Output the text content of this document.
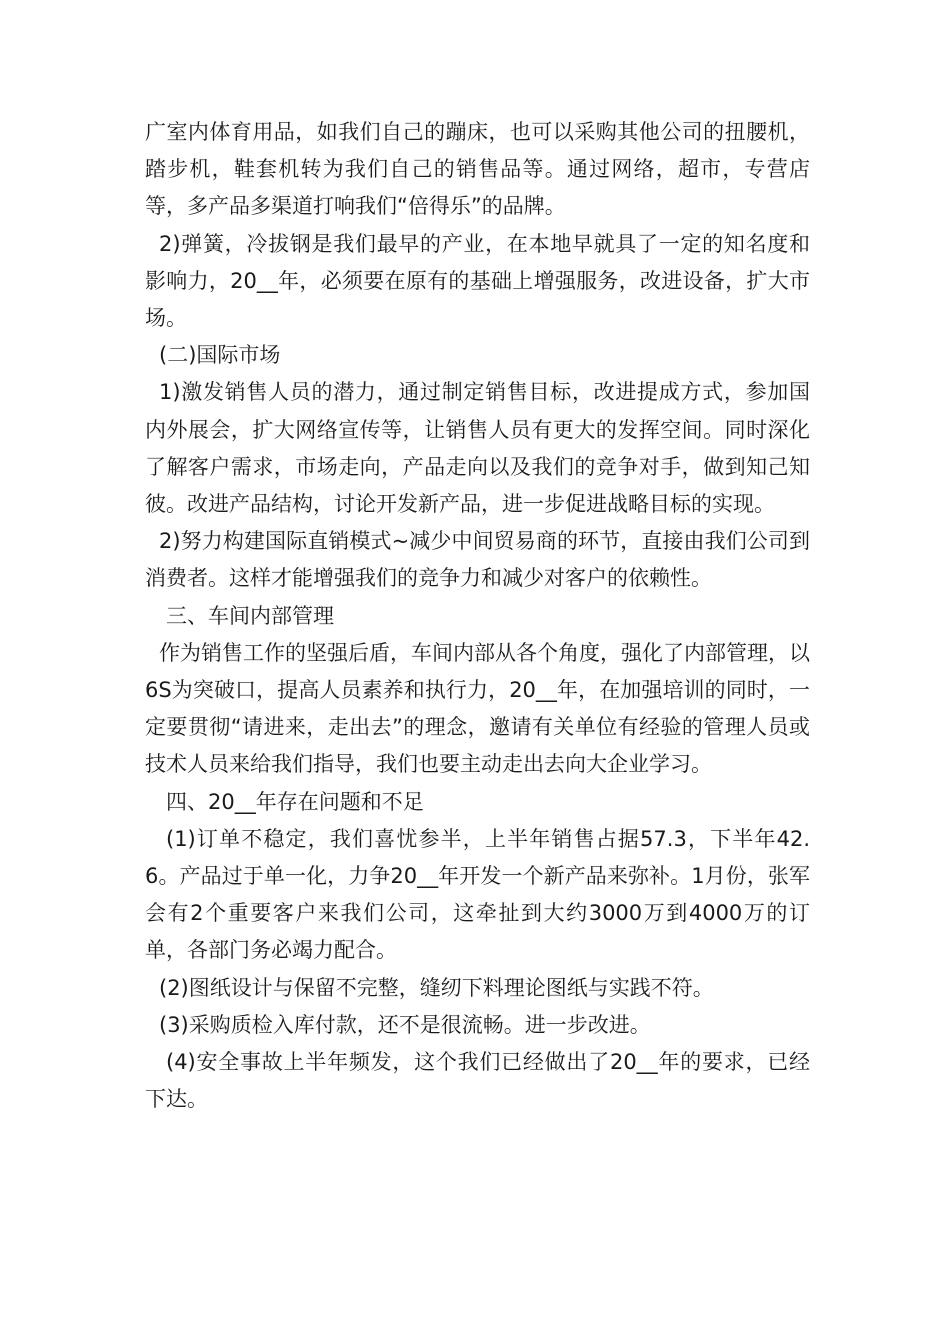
广室内体育用品，如我们自己的蹦床，也可以采购其他公司的扭腰机，踏步机，鞋套机转为我们自己的销售品等。通过网络，超市，专营店等，多产品多渠道打响我们“倍得乐”的品牌。

2)弹簧，冷拔钢是我们最早的产业，在本地早就具了一定的知名度和影响力，20__年，必须要在原有的基础上增强服务，改进设备，扩大市场。

(二)国际市场

1)激发销售人员的潜力，通过制定销售目标，改进提成方式，参加国内外展会，扩大网络宣传等，让销售人员有更大的发挥空间。同时深化了解客户需求，市场走向，产品走向以及我们的竞争对手，做到知己知彼。改进产品结构，讨论开发新产品，进一步促进战略目标的实现。

2)努力构建国际直销模式~减少中间贸易商的环节，直接由我们公司到消费者。这样才能增强我们的竞争力和减少对客户的依赖性。

三、车间内部管理

作为销售工作的坚强后盾，车间内部从各个角度，强化了内部管理，以6S为突破口，提高人员素养和执行力，20__年，在加强培训的同时，一定要贯彻“请进来，走出去”的理念，邀请有关单位有经验的管理人员或技术人员来给我们指导，我们也要主动走出去向大企业学习。

四、20__年存在问题和不足

(1)订单不稳定，我们喜忧参半，上半年销售占据57.3，下半年42.6。产品过于单一化，力争20__年开发一个新产品来弥补。1月份，张军会有2个重要客户来我们公司，这牵扯到大约3000万到4000万的订单，各部门务必竭力配合。

(2)图纸设计与保留不完整，缝纫下料理论图纸与实践不符。

(3)采购质检入库付款，还不是很流畅。进一步改进。

(4)安全事故上半年频发，这个我们已经做出了20__年的要求，已经下达。
